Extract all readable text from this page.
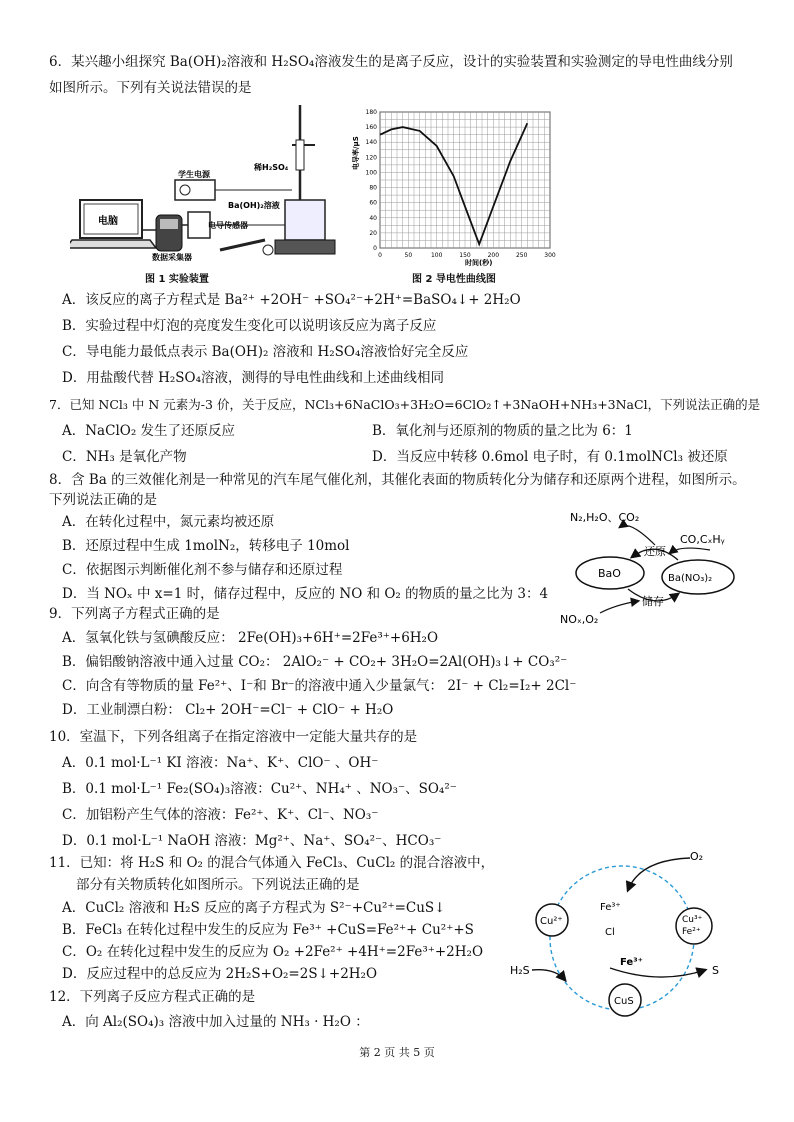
6．某兴趣小组探究 Ba(OH)₂溶液和 H₂SO₄溶液发生的是离子反应，设计的实验装置和实验测定的导电性曲线分别
如图所示。下列有关说法错误的是
电脑
数据采集器
学生电源
电导传感器
稀H₂SO₄
Ba(OH)₂溶液
图 1 实验装置
电导率/μS
0
20
40
60
80
100
120
140
160
180
0	50	100	150	200	250	300
时间(秒)
图 2 导电性曲线图
A．该反应的离子方程式是 Ba²⁺ +2OH⁻ +SO₄²⁻+2H⁺=BaSO₄↓+ 2H₂O
B．实验过程中灯泡的亮度发生变化可以说明该反应为离子反应
C．导电能力最低点表示 Ba(OH)₂ 溶液和 H₂SO₄溶液恰好完全反应
D．用盐酸代替 H₂SO₄溶液，测得的导电性曲线和上述曲线相同
7．已知 NCl₃ 中 N 元素为-3 价，关于反应，NCl₃+6NaClO₃+3H₂O=6ClO₂↑+3NaOH+NH₃+3NaCl，下列说法正确的是
A．NaClO₂ 发生了还原反应	B．氧化剂与还原剂的物质的量之比为 6：1
C．NH₃ 是氧化产物	D．当反应中转移 0.6mol 电子时，有 0.1molNCl₃ 被还原
8．含 Ba 的三效催化剂是一种常见的汽车尾气催化剂，其催化表面的物质转化分为储存和还原两个进程，如图所示。
下列说法正确的是
A．在转化过程中，氮元素均被还原
B．还原过程中生成 1molN₂，转移电子 10mol
C．依据图示判断催化剂不参与储存和还原过程
D．当 NOₓ 中 x=1 时，储存过程中，反应的 NO 和 O₂ 的物质的量之比为 3：4
N₂,H₂O、CO₂
CO,CₓHᵧ
BaO	Ba(NO₃)₂
还原
储存
NOₓ,O₂
9．下列离子方程式正确的是
A．氢氧化铁与氢碘酸反应： 2Fe(OH)₃+6H⁺=2Fe³⁺+6H₂O
B．偏铝酸钠溶液中通入过量 CO₂： 2AlO₂⁻ + CO₂+ 3H₂O=2Al(OH)₃↓+ CO₃²⁻
C．向含有等物质的量 Fe²⁺、I⁻和 Br⁻的溶液中通入少量氯气： 2I⁻ + Cl₂=I₂+ 2Cl⁻
D．工业制漂白粉： Cl₂+ 2OH⁻=Cl⁻ + ClO⁻ + H₂O
10．室温下，下列各组离子在指定溶液中一定能大量共存的是
A．0.1 mol·L⁻¹ KI 溶液：Na⁺、K⁺、ClO⁻ 、OH⁻
B．0.1 mol·L⁻¹ Fe₂(SO₄)₃溶液：Cu²⁺、NH₄⁺ 、NO₃⁻、SO₄²⁻
C．加铝粉产生气体的溶液：Fe²⁺、K⁺、Cl⁻、NO₃⁻
D．0.1 mol·L⁻¹ NaOH 溶液：Mg²⁺、Na⁺、SO₄²⁻、HCO₃⁻
11．已知：将 H₂S 和 O₂ 的混合气体通入 FeCl₃、CuCl₂ 的混合溶液中，
部分有关物质转化如图所示。下列说法正确的是
A．CuCl₂ 溶液和 H₂S 反应的离子方程式为 S²⁻+Cu²⁺=CuS↓
B．FeCl₃ 在转化过程中发生的反应为 Fe³⁺ +CuS=Fe²⁺+ Cu²⁺+S
C．O₂ 在转化过程中发生的反应为 O₂ +2Fe²⁺ +4H⁺=2Fe³⁺+2H₂O
D．反应过程中的总反应为 2H₂S+O₂=2S↓+2H₂O
Cu²⁺	Cu³⁺
Fe²⁺
CuS
O₂
Fe³⁺
Cl
Fe³⁺
S
H₂S
12．下列离子反应方程式正确的是
A．向 Al₂(SO₄)₃ 溶液中加入过量的 NH₃ · H₂O ：
第 2 页 共 5 页
